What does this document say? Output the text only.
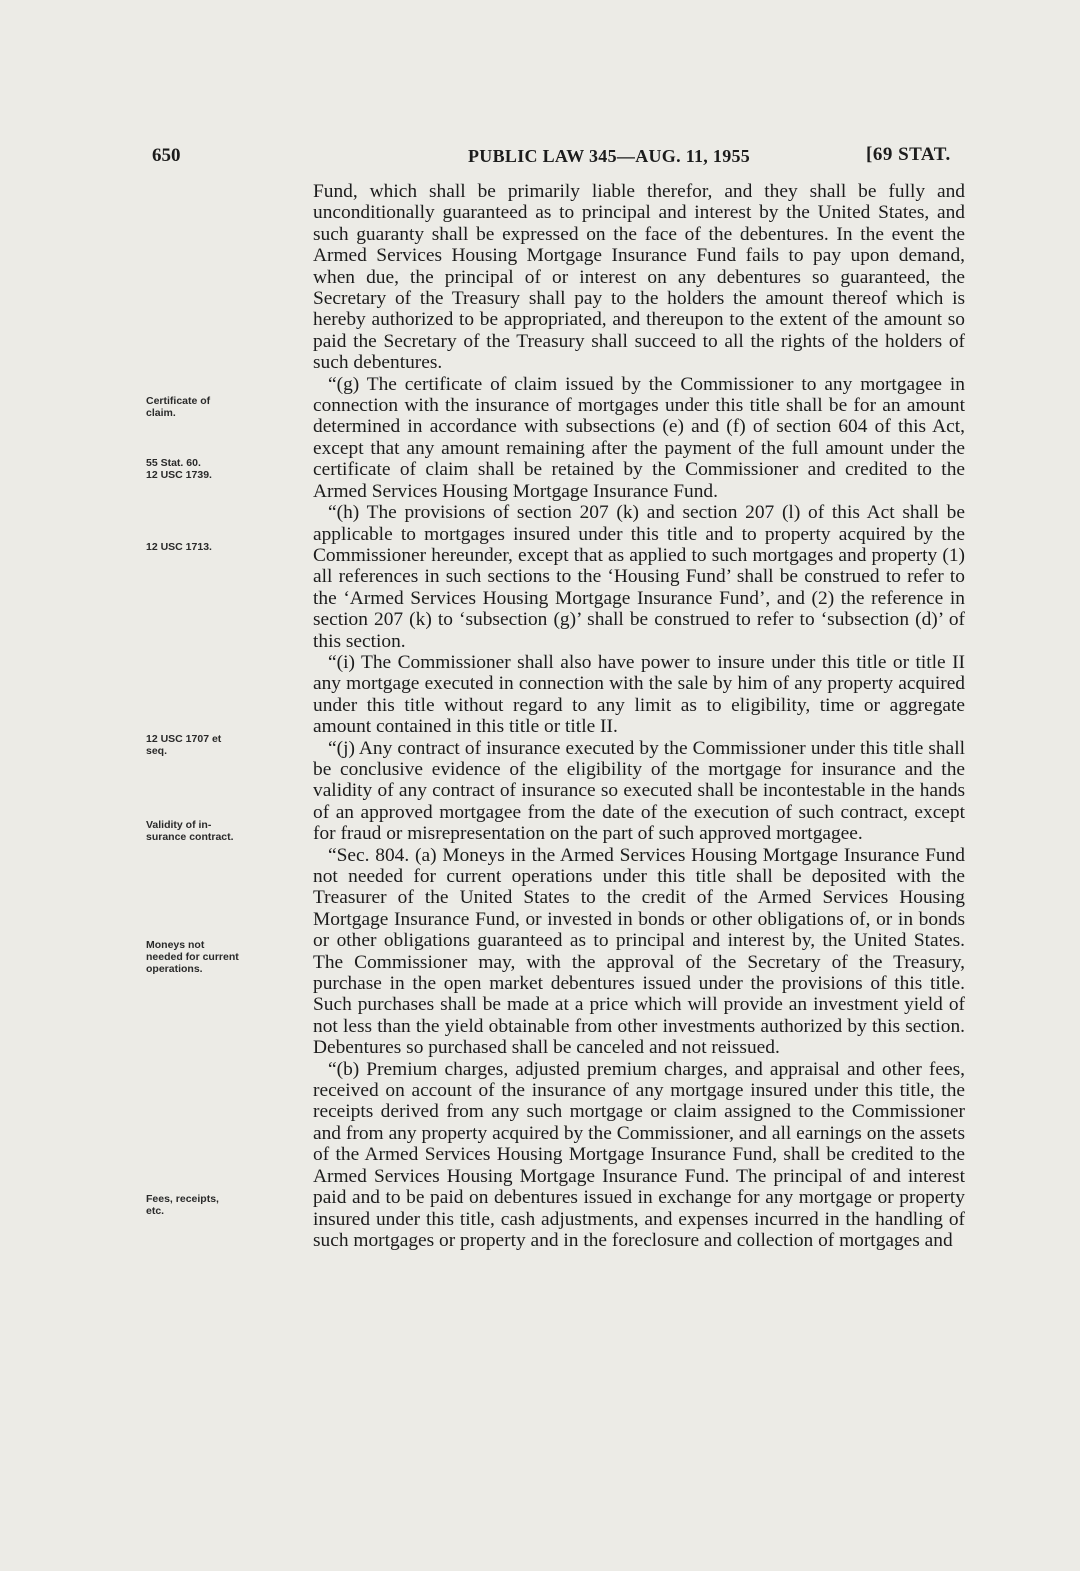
650	PUBLIC LAW 345—AUG. 11, 1955	[69 STAT.
Certificate of
claim.
55 Stat. 60.
12 USC 1739.
12 USC 1713.
12 USC 1707 et
seq.
Validity of in-
surance contract.
Moneys not
needed for current
operations.
Fees, receipts,
etc.

Fund, which shall be primarily liable therefor, and they shall be fully and unconditionally guaranteed as to principal and interest by the United States, and such guaranty shall be expressed on the face of the debentures. In the event the Armed Services Housing Mortgage Insurance Fund fails to pay upon demand, when due, the principal of or interest on any debentures so guaranteed, the Secretary of the Treasury shall pay to the holders the amount thereof which is hereby authorized to be appropriated, and thereupon to the extent of the amount so paid the Secretary of the Treasury shall succeed to all the rights of the holders of such debentures.

“(g) The certificate of claim issued by the Commissioner to any mortgagee in connection with the insurance of mortgages under this title shall be for an amount determined in accordance with subsections (e) and (f) of section 604 of this Act, except that any amount remaining after the payment of the full amount under the certificate of claim shall be retained by the Commissioner and credited to the Armed Services Housing Mortgage Insurance Fund.

“(h) The provisions of section 207 (k) and section 207 (l) of this Act shall be applicable to mortgages insured under this title and to property acquired by the Commissioner hereunder, except that as applied to such mortgages and property (1) all references in such sections to the ‘Housing Fund’ shall be construed to refer to the ‘Armed Services Housing Mortgage Insurance Fund’, and (2) the reference in section 207 (k) to ‘subsection (g)’ shall be construed to refer to ‘subsection (d)’ of this section.

“(i) The Commissioner shall also have power to insure under this title or title II any mortgage executed in connection with the sale by him of any property acquired under this title without regard to any limit as to eligibility, time or aggregate amount contained in this title or title II.

“(j) Any contract of insurance executed by the Commissioner under this title shall be conclusive evidence of the eligibility of the mortgage for insurance and the validity of any contract of insurance so executed shall be incontestable in the hands of an approved mortgagee from the date of the execution of such contract, except for fraud or misrepresentation on the part of such approved mortgagee.

“Sec. 804. (a) Moneys in the Armed Services Housing Mortgage Insurance Fund not needed for current operations under this title shall be deposited with the Treasurer of the United States to the credit of the Armed Services Housing Mortgage Insurance Fund, or invested in bonds or other obligations of, or in bonds or other obligations guaranteed as to principal and interest by, the United States. The Commissioner may, with the approval of the Secretary of the Treasury, purchase in the open market debentures issued under the provisions of this title. Such purchases shall be made at a price which will provide an investment yield of not less than the yield obtainable from other investments authorized by this section. Debentures so purchased shall be canceled and not reissued.

“(b) Premium charges, adjusted premium charges, and appraisal and other fees, received on account of the insurance of any mortgage insured under this title, the receipts derived from any such mortgage or claim assigned to the Commissioner and from any property acquired by the Commissioner, and all earnings on the assets of the Armed Services Housing Mortgage Insurance Fund, shall be credited to the Armed Services Housing Mortgage Insurance Fund. The principal of and interest paid and to be paid on debentures issued in exchange for any mortgage or property insured under this title, cash adjustments, and expenses incurred in the handling of such mortgages or property and in the foreclosure and collection of mortgages and
